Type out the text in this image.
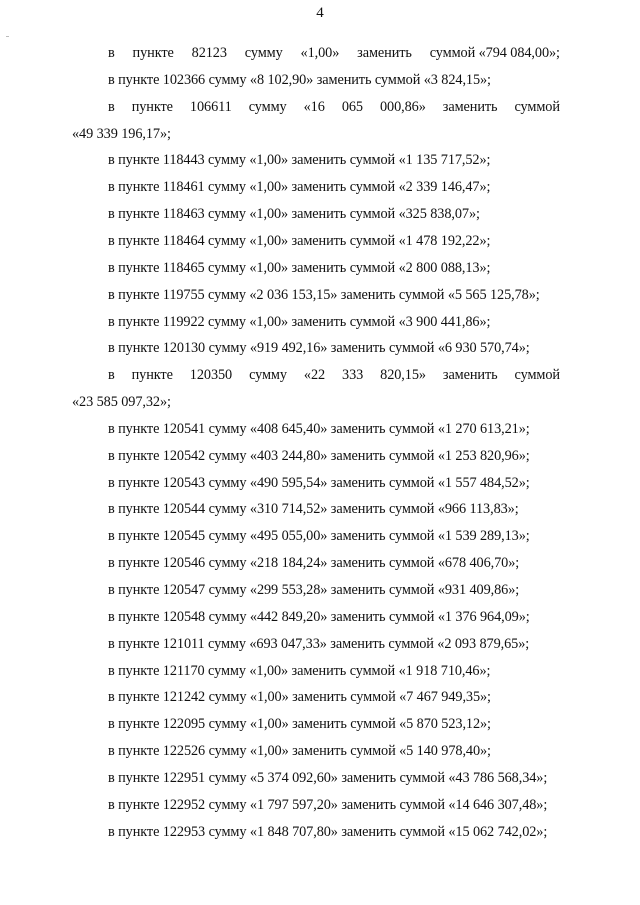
4
в пункте 82123 сумму «1,00» заменить суммой «794 084,00»;
в пункте 102366 сумму «8 102,90» заменить суммой «3 824,15»;
в пункте 106611 сумму «16 065 000,86» заменить суммой
«49 339 196,17»;
в пункте 118443 сумму «1,00» заменить суммой «1 135 717,52»;
в пункте 118461 сумму «1,00» заменить суммой «2 339 146,47»;
в пункте 118463 сумму «1,00» заменить суммой «325 838,07»;
в пункте 118464 сумму «1,00» заменить суммой «1 478 192,22»;
в пункте 118465 сумму «1,00» заменить суммой «2 800 088,13»;
в пункте 119755 сумму «2 036 153,15» заменить суммой «5 565 125,78»;
в пункте 119922 сумму «1,00» заменить суммой «3 900 441,86»;
в пункте 120130 сумму «919 492,16» заменить суммой «6 930 570,74»;
в пункте 120350 сумму «22 333 820,15» заменить суммой
«23 585 097,32»;
в пункте 120541 сумму «408 645,40» заменить суммой «1 270 613,21»;
в пункте 120542 сумму «403 244,80» заменить суммой «1 253 820,96»;
в пункте 120543 сумму «490 595,54» заменить суммой «1 557 484,52»;
в пункте 120544 сумму «310 714,52» заменить суммой «966 113,83»;
в пункте 120545 сумму «495 055,00» заменить суммой «1 539 289,13»;
в пункте 120546 сумму «218 184,24» заменить суммой «678 406,70»;
в пункте 120547 сумму «299 553,28» заменить суммой «931 409,86»;
в пункте 120548 сумму «442 849,20» заменить суммой «1 376 964,09»;
в пункте 121011 сумму «693 047,33» заменить суммой «2 093 879,65»;
в пункте 121170 сумму «1,00» заменить суммой «1 918 710,46»;
в пункте 121242 сумму «1,00» заменить суммой «7 467 949,35»;
в пункте 122095 сумму «1,00» заменить суммой «5 870 523,12»;
в пункте 122526 сумму «1,00» заменить суммой «5 140 978,40»;
в пункте 122951 сумму «5 374 092,60» заменить суммой «43 786 568,34»;
в пункте 122952 сумму «1 797 597,20» заменить суммой «14 646 307,48»;
в пункте 122953 сумму «1 848 707,80» заменить суммой «15 062 742,02»;
